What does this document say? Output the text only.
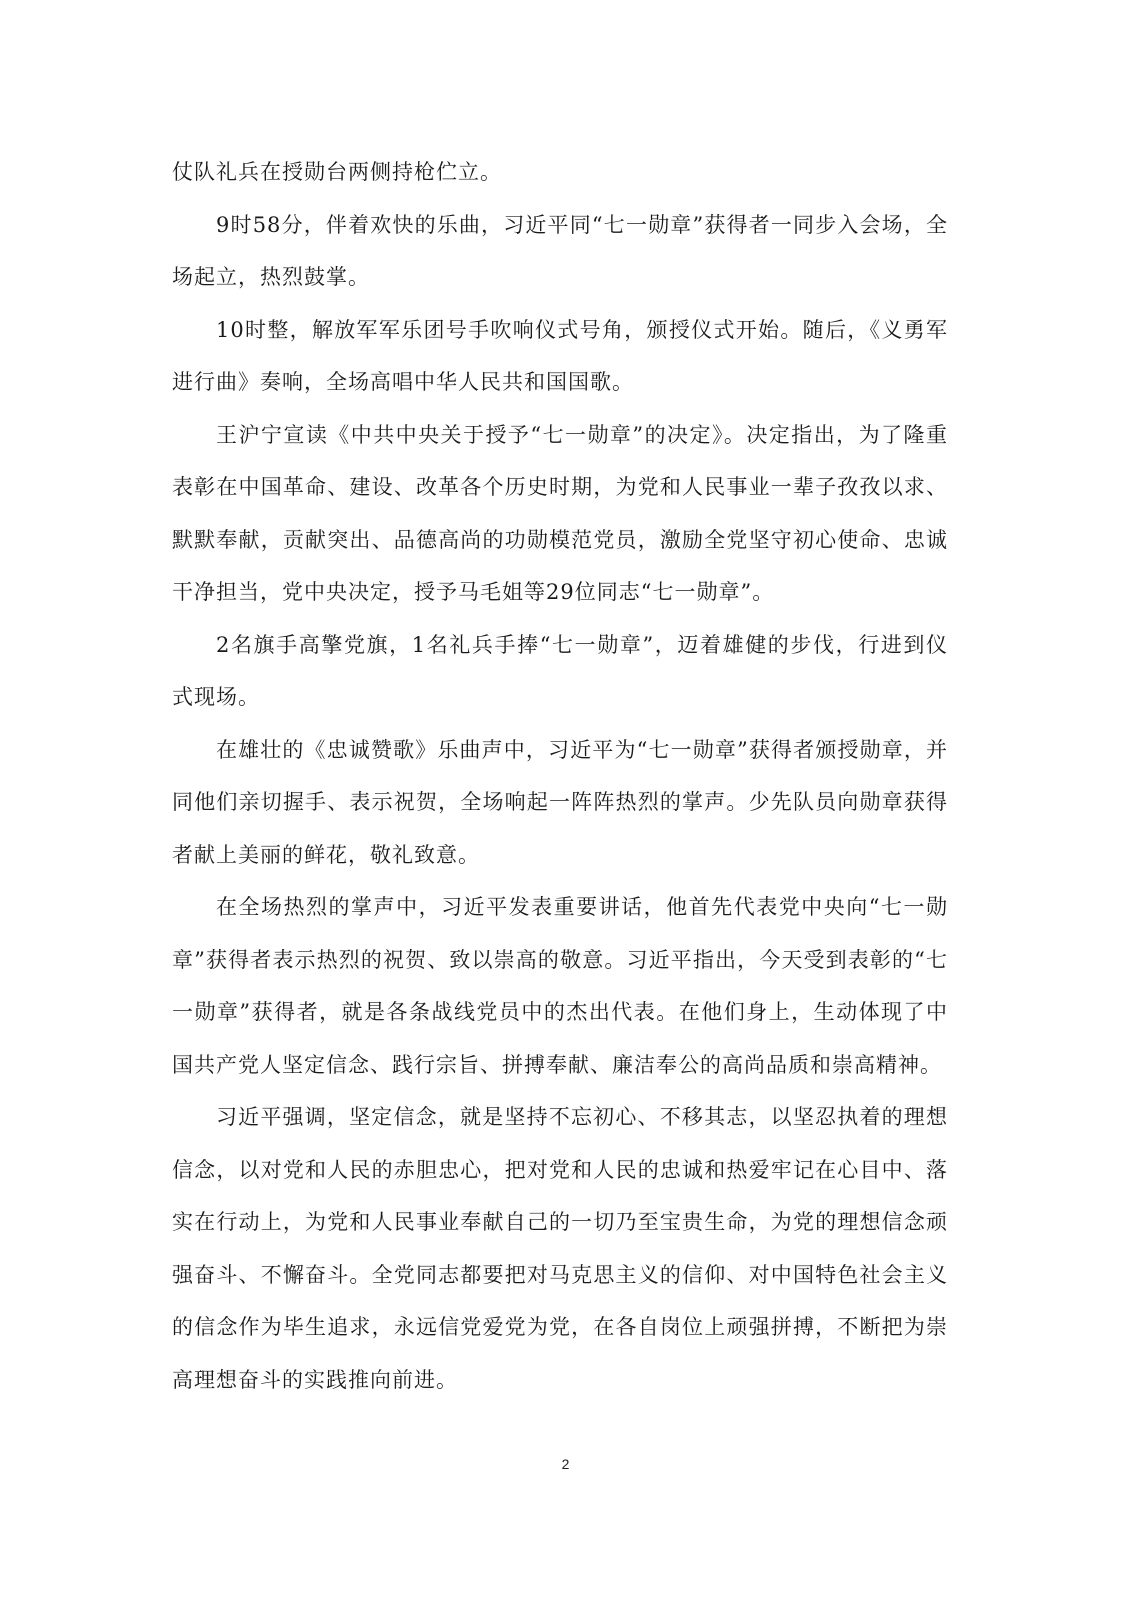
仗队礼兵在授勋台两侧持枪伫立。

9时58分，伴着欢快的乐曲，习近平同“七一勋章”获得者一同步入会场，全场起立，热烈鼓掌。

10时整，解放军军乐团号手吹响仪式号角，颁授仪式开始。随后，《义勇军进行曲》奏响，全场高唱中华人民共和国国歌。

王沪宁宣读《中共中央关于授予“七一勋章”的决定》。决定指出，为了隆重表彰在中国革命、建设、改革各个历史时期，为党和人民事业一辈子孜孜以求、默默奉献，贡献突出、品德高尚的功勋模范党员，激励全党坚守初心使命、忠诚干净担当，党中央决定，授予马毛姐等29位同志“七一勋章”。

2名旗手高擎党旗，1名礼兵手捧“七一勋章”，迈着雄健的步伐，行进到仪式现场。

在雄壮的《忠诚赞歌》乐曲声中，习近平为“七一勋章”获得者颁授勋章，并同他们亲切握手、表示祝贺，全场响起一阵阵热烈的掌声。少先队员向勋章获得者献上美丽的鲜花，敬礼致意。

在全场热烈的掌声中，习近平发表重要讲话，他首先代表党中央向“七一勋章”获得者表示热烈的祝贺、致以崇高的敬意。习近平指出，今天受到表彰的“七一勋章”获得者，就是各条战线党员中的杰出代表。在他们身上，生动体现了中国共产党人坚定信念、践行宗旨、拼搏奉献、廉洁奉公的高尚品质和崇高精神。

习近平强调，坚定信念，就是坚持不忘初心、不移其志，以坚忍执着的理想信念，以对党和人民的赤胆忠心，把对党和人民的忠诚和热爱牢记在心目中、落实在行动上，为党和人民事业奉献自己的一切乃至宝贵生命，为党的理想信念顽强奋斗、不懈奋斗。全党同志都要把对马克思主义的信仰、对中国特色社会主义的信念作为毕生追求，永远信党爱党为党，在各自岗位上顽强拼搏，不断把为崇高理想奋斗的实践推向前进。

2
